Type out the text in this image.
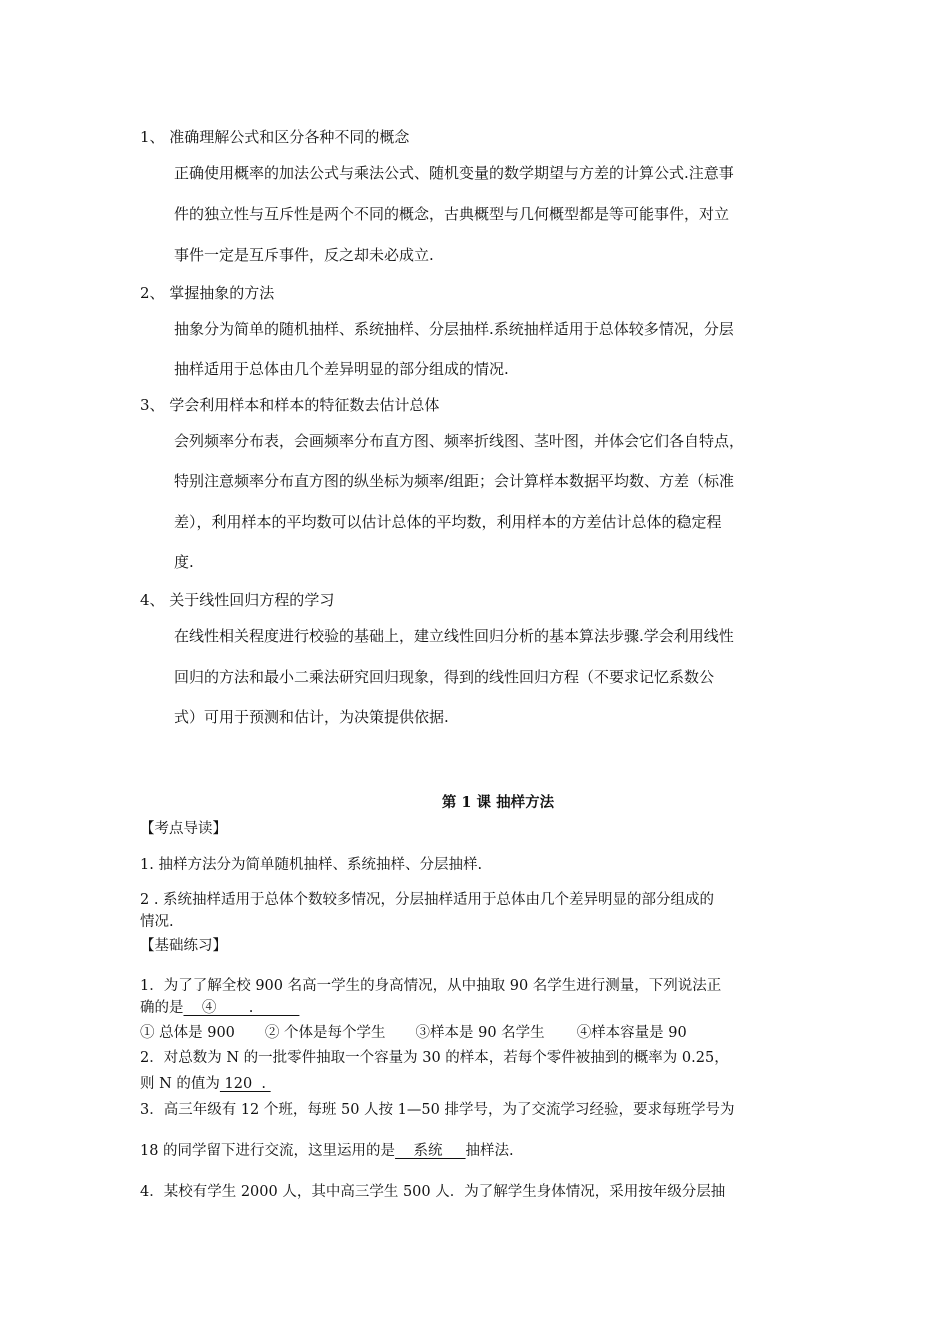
1、 准确理解公式和区分各种不同的概念
正确使用概率的加法公式与乘法公式、随机变量的数学期望与方差的计算公式.注意事
件的独立性与互斥性是两个不同的概念，古典概型与几何概型都是等可能事件，对立
事件一定是互斥事件，反之却未必成立.
2、 掌握抽象的方法
抽象分为简单的随机抽样、系统抽样、分层抽样.系统抽样适用于总体较多情况，分层
抽样适用于总体由几个差异明显的部分组成的情况.
3、 学会利用样本和样本的特征数去估计总体
会列频率分布表，会画频率分布直方图、频率折线图、茎叶图，并体会它们各自特点，
特别注意频率分布直方图的纵坐标为频率/组距；会计算样本数据平均数、方差（标准
差），利用样本的平均数可以估计总体的平均数，利用样本的方差估计总体的稳定程
度.
4、 关于线性回归方程的学习
在线性相关程度进行校验的基础上，建立线性回归分析的基本算法步骤.学会利用线性
回归的方法和最小二乘法研究回归现象，得到的线性回归方程（不要求记忆系数公
式）可用于预测和估计，为决策提供依据.
第 1 课 抽样方法
【考点导读】
1. 抽样方法分为简单随机抽样、系统抽样、分层抽样.
2 . 系统抽样适用于总体个数较多情况，分层抽样适用于总体由几个差异明显的部分组成的
情况.
【基础练习】
1．为了了解全校 900 名高一学生的身高情况，从中抽取 90 名学生进行测量，下列说法正
确的是    ④       .
① 总体是 900 ② 个体是每个学生 ③样本是 90 名学生 ④样本容量是 90
2．对总数为 N 的一批零件抽取一个容量为 30 的样本，若每个零件被抽到的概率为 0.25，
则 N 的值为 120  .
3．高三年级有 12 个班，每班 50 人按 1—50 排学号，为了交流学习经验，要求每班学号为
18 的同学留下进行交流，这里运用的是    系统     抽样法.
4．某校有学生 2000 人，其中高三学生 500 人．为了解学生身体情况，采用按年级分层抽
